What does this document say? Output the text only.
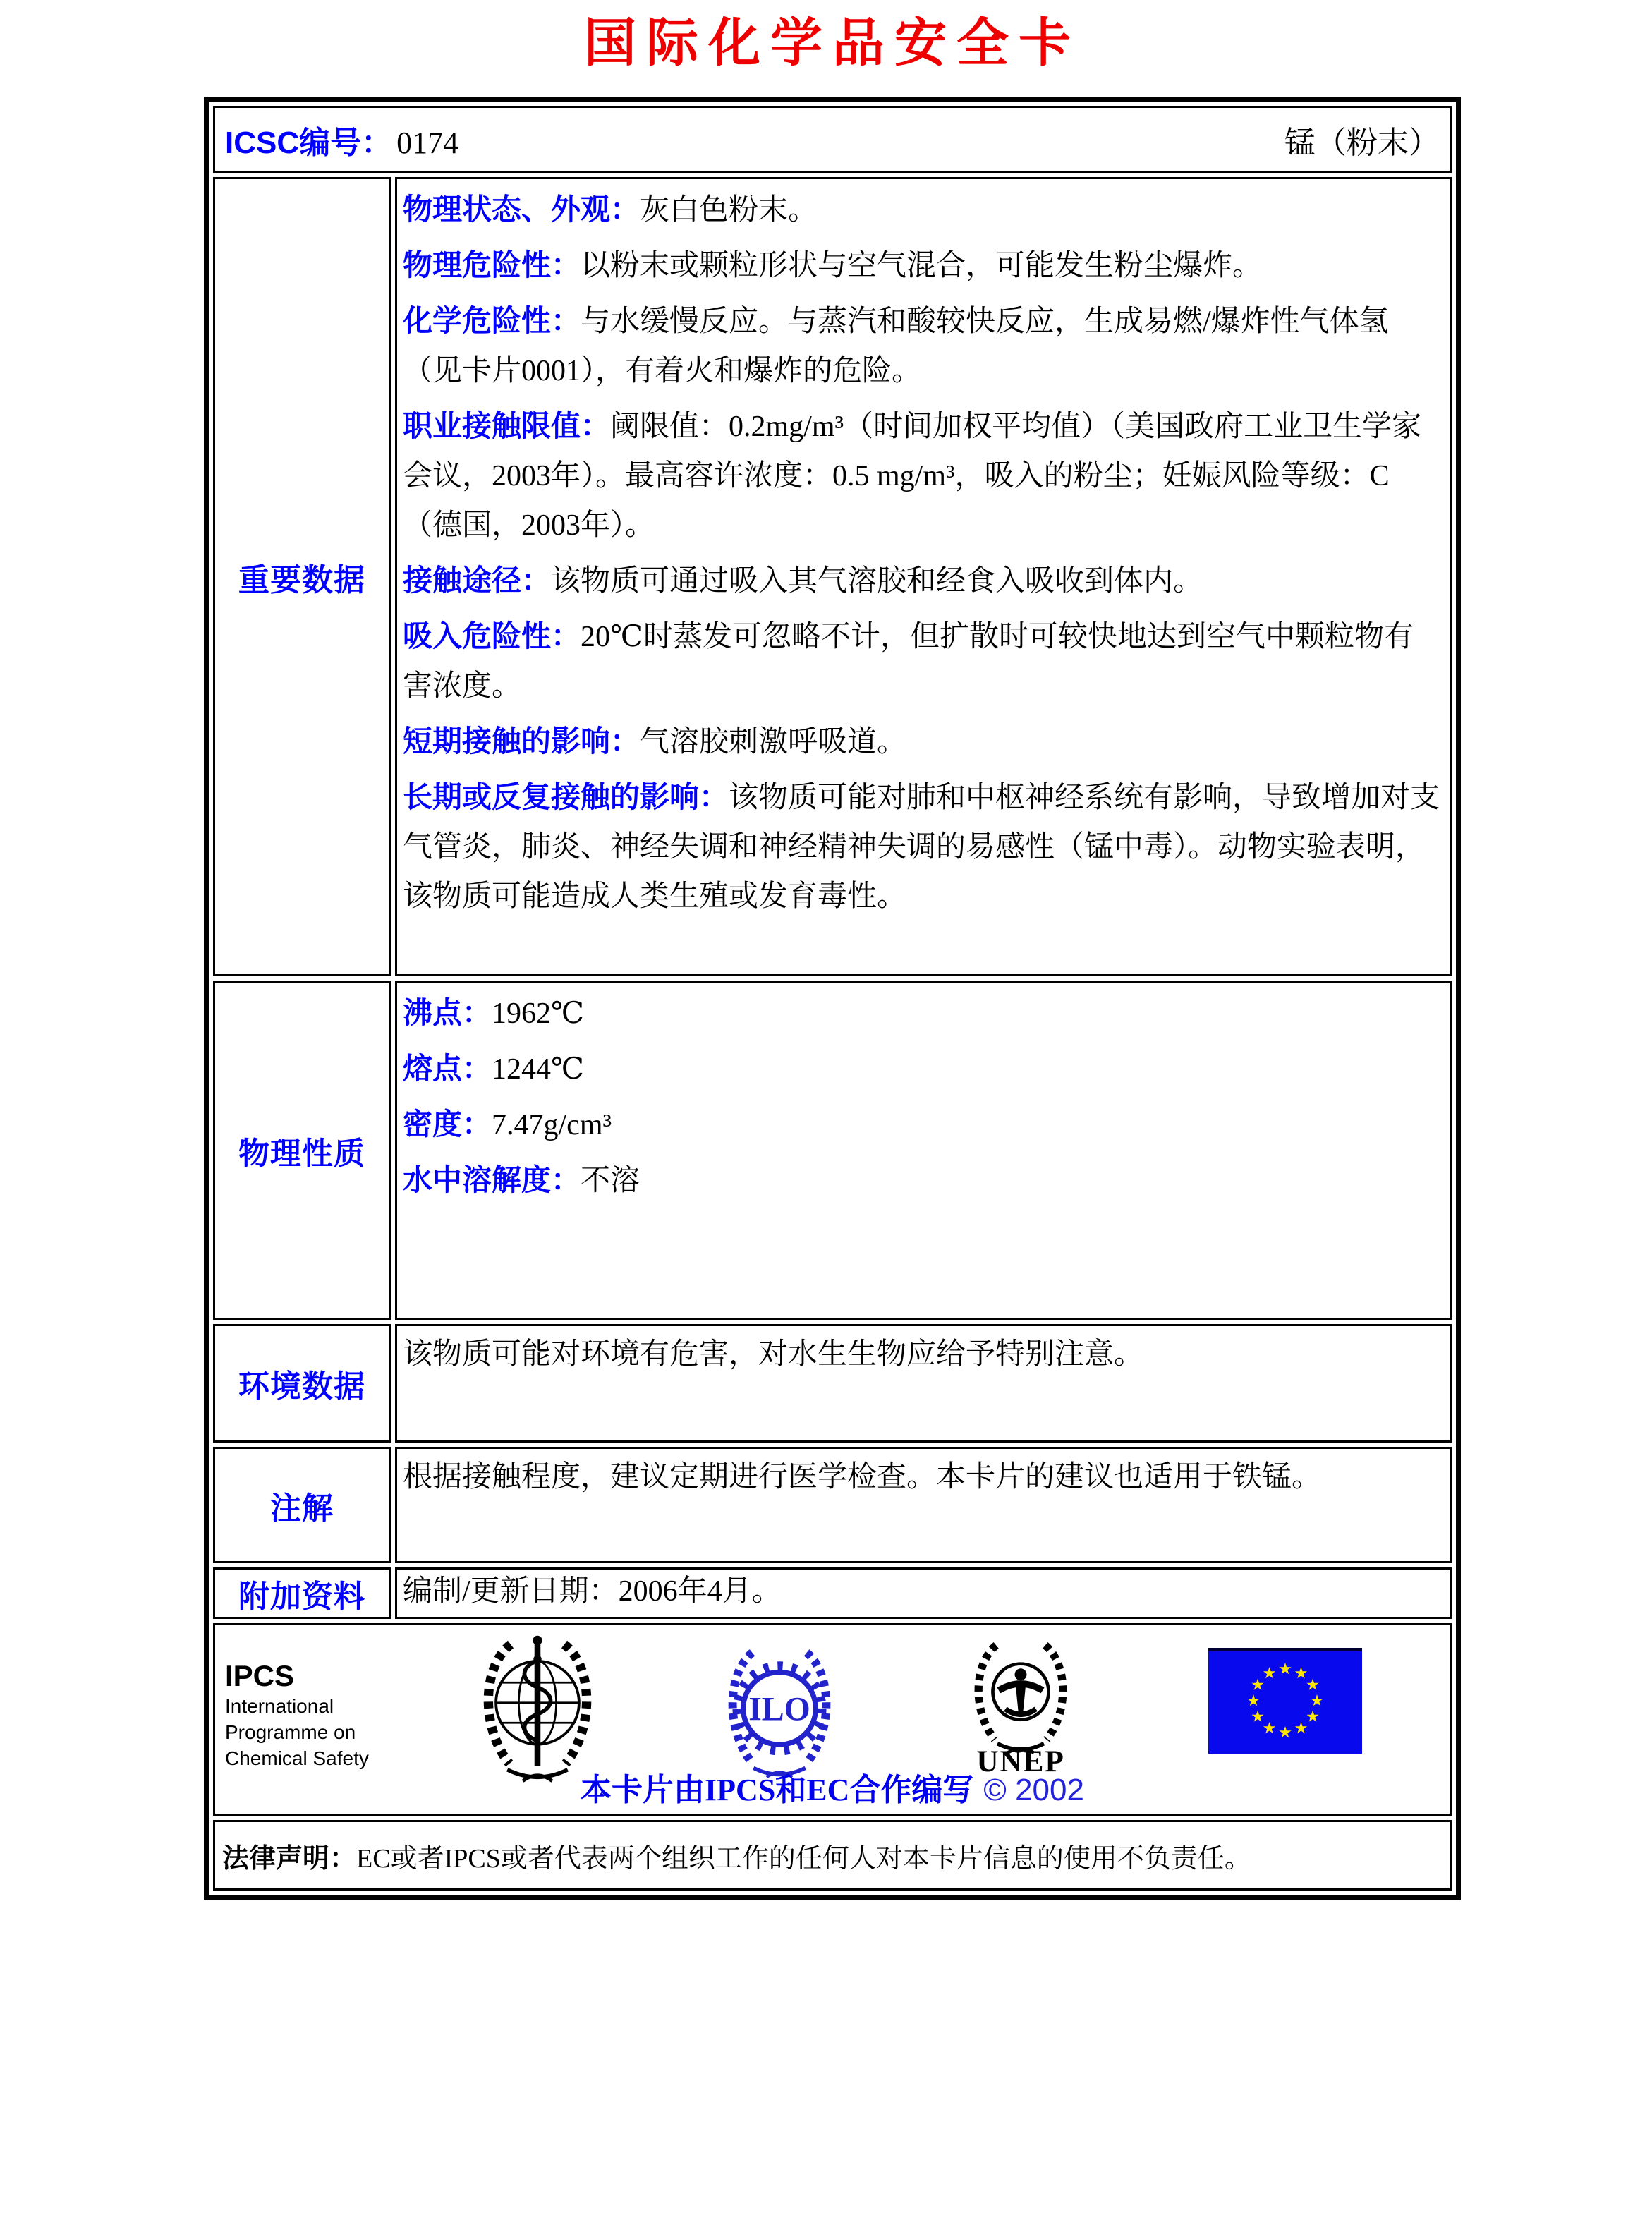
国际化学品安全卡
ICSC编号： 0174	锰（粉末）
重要数据

物理状态、外观：灰白色粉末。

物理危险性：以粉末或颗粒形状与空气混合，可能发生粉尘爆炸。

化学危险性：与水缓慢反应。与蒸汽和酸较快反应，生成易燃/爆炸性气体氢（见卡片0001），有着火和爆炸的危险。

职业接触限值：阈限值：0.2mg/m³（时间加权平均值）（美国政府工业卫生学家会议，2003年）。最高容许浓度：0.5 mg/m³，吸入的粉尘；妊娠风险等级：C（德国，2003年）。

接触途径：该物质可通过吸入其气溶胶和经食入吸收到体内。

吸入危险性：20℃时蒸发可忽略不计，但扩散时可较快地达到空气中颗粒物有害浓度。

短期接触的影响：气溶胶刺激呼吸道。

长期或反复接触的影响：该物质可能对肺和中枢神经系统有影响，导致增加对支气管炎，肺炎、神经失调和神经精神失调的易感性（锰中毒）。动物实验表明，该物质可能造成人类生殖或发育毒性。

物理性质

沸点：1962℃

熔点：1244℃

密度：7.47g/cm³

水中溶解度：不溶

环境数据

该物质可能对环境有危害，对水生生物应给予特别注意。

注解

根据接触程度，建议定期进行医学检查。本卡片的建议也适用于铁锰。

附加资料	编制/更新日期：2006年4月。

IPCS
International
Programme on
Chemical Safety
ILO
UNEP
本卡片由IPCS和EC合作编写 © 2002
法律声明：EC或者IPCS或者代表两个组织工作的任何人对本卡片信息的使用不负责任。
